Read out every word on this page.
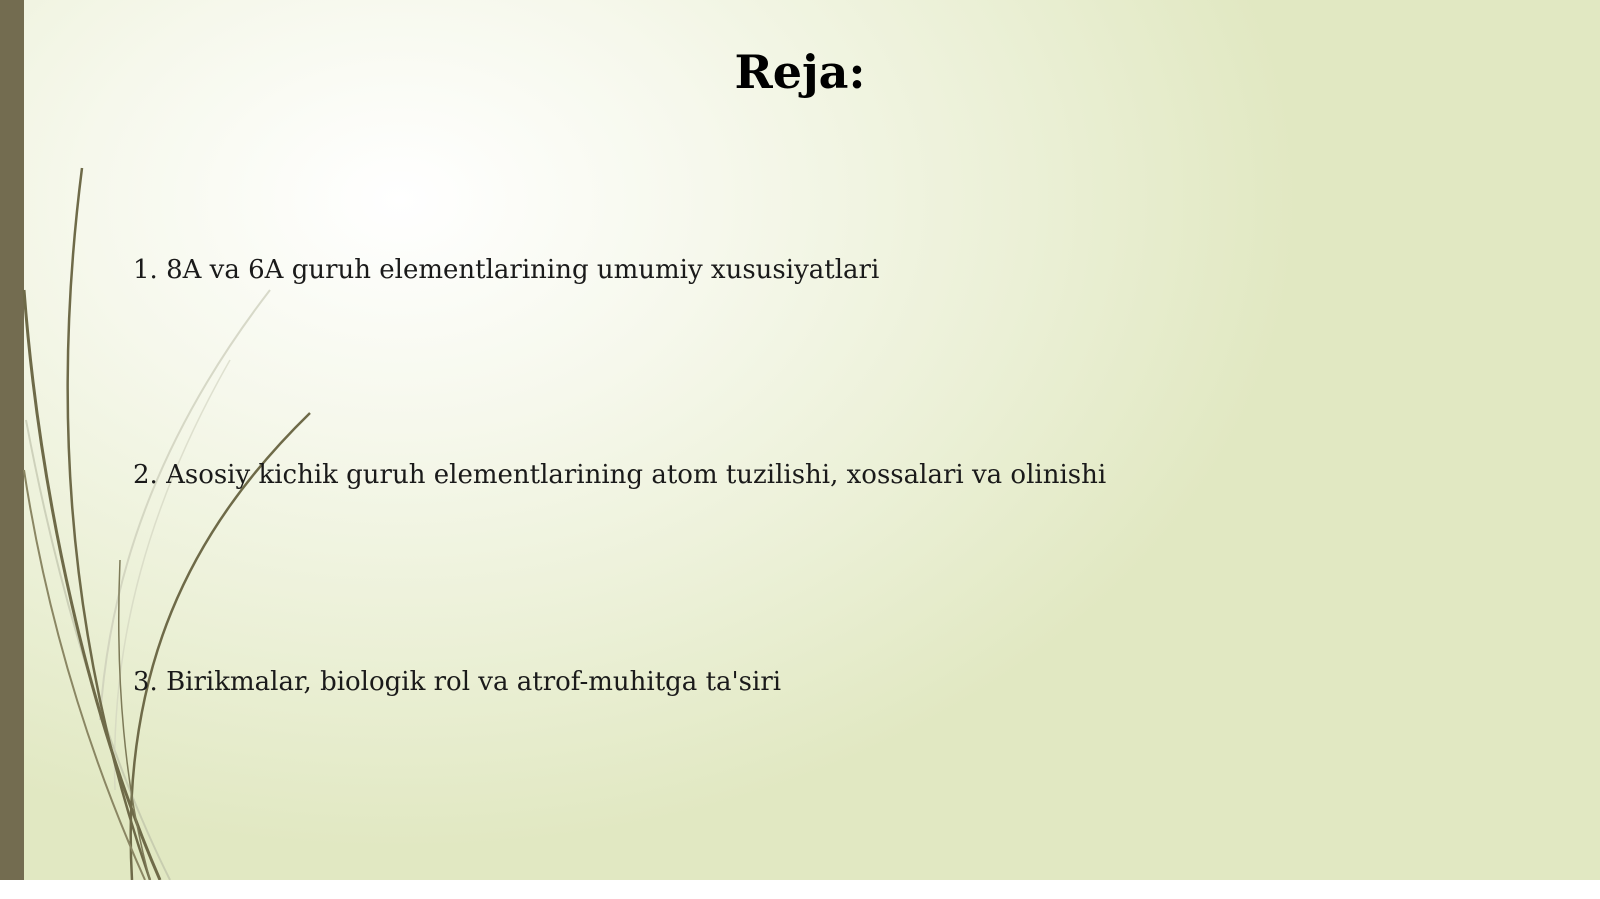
Reja:

1. 8A va 6A guruh elementlarining umumiy xususiyatlari

2. Asosiy kichik guruh elementlarining atom tuzilishi, xossalari va olinishi

3. Birikmalar, biologik rol va atrof-muhitga ta'siri
